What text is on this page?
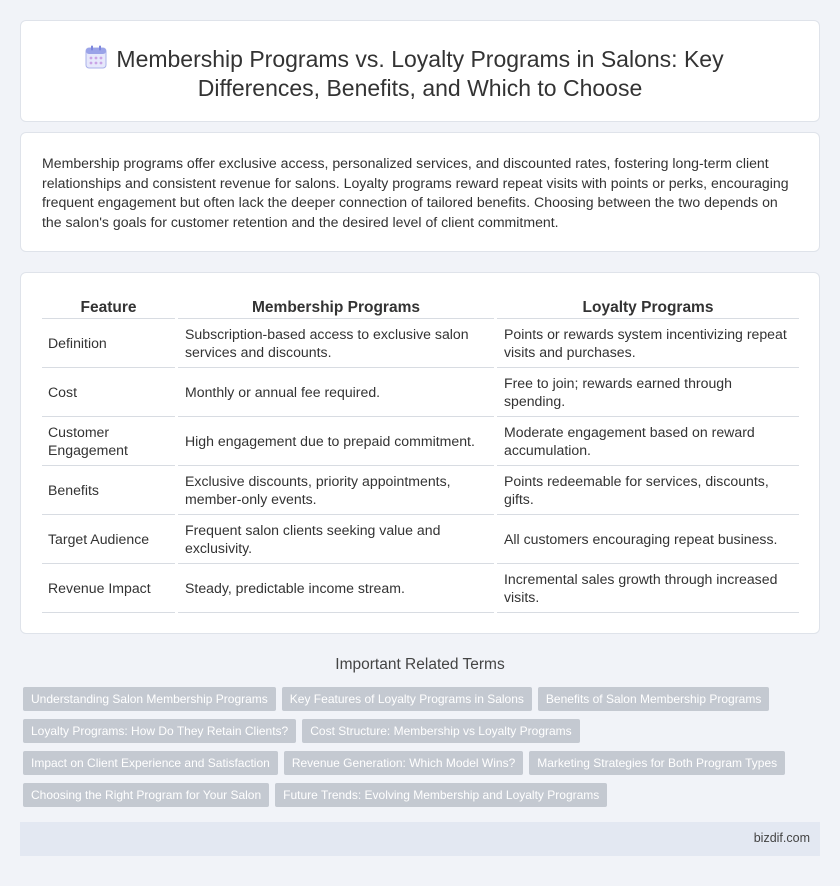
Membership Programs vs. Loyalty Programs in Salons: Key Differences, Benefits, and Which to Choose

Membership programs offer exclusive access, personalized services, and discounted rates, fostering long-term client relationships and consistent revenue for salons. Loyalty programs reward repeat visits with points or perks, encouraging frequent engagement but often lack the deeper connection of tailored benefits. Choosing between the two depends on the salon's goals for customer retention and the desired level of client commitment.

Feature		Membership Programs		Loyalty Programs
Definition		Subscription-based access to exclusive salon services and discounts.		Points or rewards system incentivizing repeat visits and purchases.
Cost		Monthly or annual fee required.		Free to join; rewards earned through spending.
Customer Engagement		High engagement due to prepaid commitment.		Moderate engagement based on reward accumulation.
Benefits		Exclusive discounts, priority appointments, member-only events.		Points redeemable for services, discounts, gifts.
Target Audience		Frequent salon clients seeking value and exclusivity.		All customers encouraging repeat business.
Revenue Impact		Steady, predictable income stream.		Incremental sales growth through increased visits.
Important Related Terms
Understanding Salon Membership Programs Key Features of Loyalty Programs in Salons Benefits of Salon Membership Programs
Loyalty Programs: How Do They Retain Clients? Cost Structure: Membership vs Loyalty Programs
Impact on Client Experience and Satisfaction Revenue Generation: Which Model Wins? Marketing Strategies for Both Program Types
Choosing the Right Program for Your Salon Future Trends: Evolving Membership and Loyalty Programs
bizdif.com
